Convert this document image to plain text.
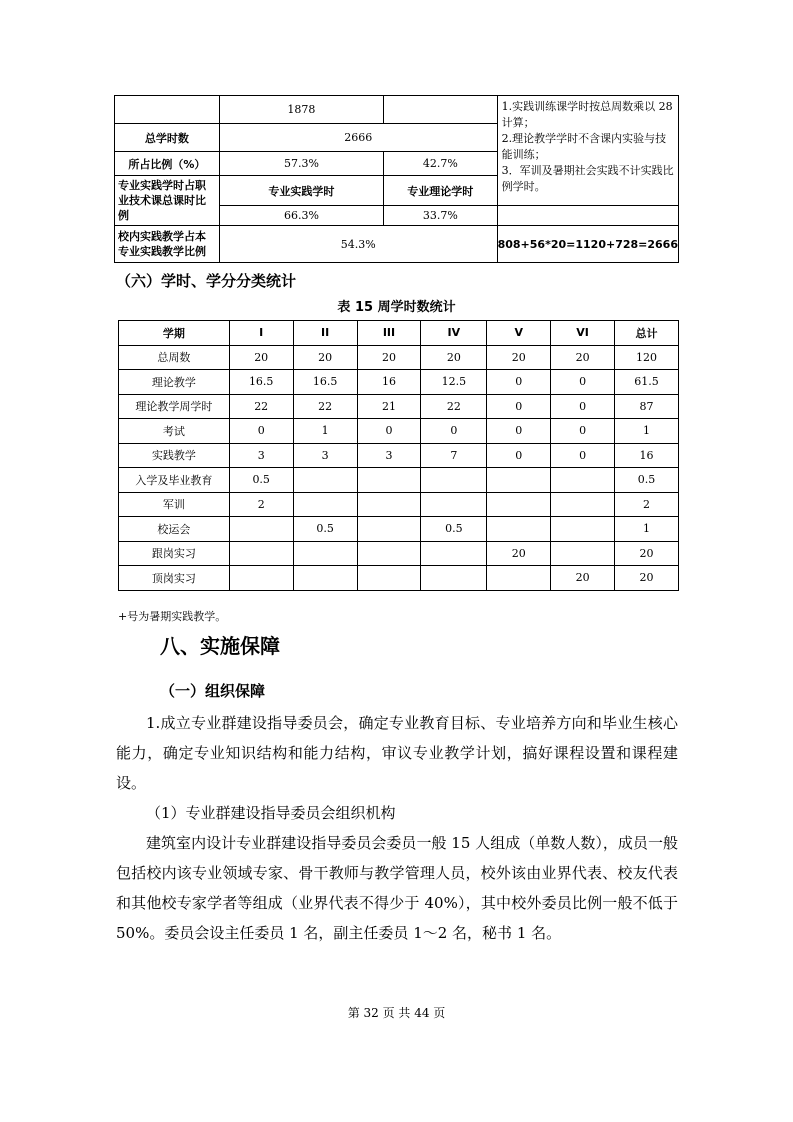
	1878		1.实践训练课学时按总周数乘以 28 计算；
2.理论教学学时不含课内实验与技能训练；
3．军训及暑期社会实践不计实践比例学时。

总学时数	2666		
所占比例（%）	57.3%	42.7%	
专业实践学时占职业技术课总课时比例	专业实践学时	专业理论学时	
	66.3%	33.7%	
校内实践教学占本专业实践教学比例	54.3%		808+56*20=1120+728=2666
（六）学时、学分分类统计
表 15 周学时数统计
学期	I	II	III	IV	V	VI	总计
总周数	20	20	20	20	20	20	120
理论教学	16.5	16.5	16	12.5	0	0	61.5
理论教学周学时	22	22	21	22	0	0	87
考试	0	1	0	0	0	0	1
实践教学	3	3	3	7	0	0	16
入学及毕业教育	0.5						0.5
军训	2						2
校运会		0.5		0.5			1
跟岗实习					20		20
顶岗实习						20	20
+号为暑期实践教学。
八、实施保障
（一）组织保障

1.成立专业群建设指导委员会，确定专业教育目标、专业培养方向和毕业生核心能力，确定专业知识结构和能力结构，审议专业教学计划，搞好课程设置和课程建设。

（1）专业群建设指导委员会组织机构

建筑室内设计专业群建设指导委员会委员一般 15 人组成（单数人数），成员一般包括校内该专业领域专家、骨干教师与教学管理人员，校外该由业界代表、校友代表和其他校专家学者等组成（业界代表不得少于 40%），其中校外委员比例一般不低于 50%。委员会设主任委员 1 名，副主任委员 1～2 名，秘书 1 名。

第 32 页 共 44 页
